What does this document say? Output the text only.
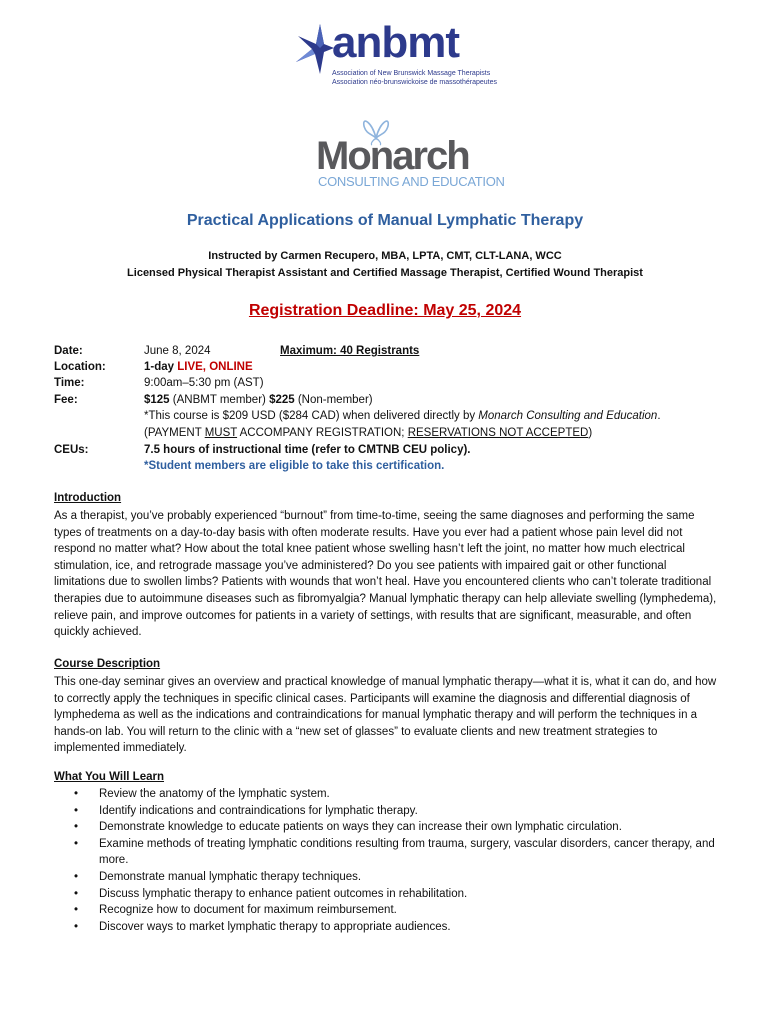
anbmt
Association of New Brunswick Massage Therapists
Association néo-brunswickoise de massothérapeutes
Monarch
CONSULTING AND EDUCATION
Practical Applications of Manual Lymphatic Therapy
Instructed by Carmen Recupero, MBA, LPTA, CMT, CLT-LANA, WCC
Licensed Physical Therapist Assistant and Certified Massage Therapist, Certified Wound Therapist
Registration Deadline: May 25, 2024
Date:	June 8, 2024	Maximum: 40 Registrants
Location:	1-day LIVE, ONLINE
Time:	9:00am–5:30 pm (AST)
Fee:	$125 (ANBMT member) $225 (Non-member)
*This course is $209 USD ($284 CAD) when delivered directly by Monarch Consulting and Education.
(PAYMENT MUST ACCOMPANY REGISTRATION; RESERVATIONS NOT ACCEPTED)
CEUs:	7.5 hours of instructional time (refer to CMTNB CEU policy).
*Student members are eligible to take this certification.
Introduction

As a therapist, you’ve probably experienced “burnout” from time-to-time, seeing the same diagnoses and performing the same types of treatments on a day-to-day basis with often moderate results. Have you ever had a patient whose pain level did not respond no matter what? How about the total knee patient whose swelling hasn’t left the joint, no matter how much electrical stimulation, ice, and retrograde massage you’ve administered? Do you see patients with impaired gait or other functional limitations due to swollen limbs? Patients with wounds that won’t heal. Have you encountered clients who can’t tolerate traditional therapies due to autoimmune diseases such as fibromyalgia? Manual lymphatic therapy can help alleviate swelling (lymphedema), relieve pain, and improve outcomes for patients in a variety of settings, with results that are significant, measurable, and often quickly achieved.

Course Description

This one-day seminar gives an overview and practical knowledge of manual lymphatic therapy—what it is, what it can do, and how to correctly apply the techniques in specific clinical cases. Participants will examine the diagnosis and differential diagnosis of lymphedema as well as the indications and contraindications for manual lymphatic therapy and will perform the techniques in a hands-on lab. You will return to the clinic with a “new set of glasses” to evaluate clients and new treatment strategies to implemented immediately.

What You Will Learn
• Review the anatomy of the lymphatic system.
• Identify indications and contraindications for lymphatic therapy.
• Demonstrate knowledge to educate patients on ways they can increase their own lymphatic circulation.
• Examine methods of treating lymphatic conditions resulting from trauma, surgery, vascular disorders, cancer therapy, and more.
• Demonstrate manual lymphatic therapy techniques.
• Discuss lymphatic therapy to enhance patient outcomes in rehabilitation.
• Recognize how to document for maximum reimbursement.
• Discover ways to market lymphatic therapy to appropriate audiences.
